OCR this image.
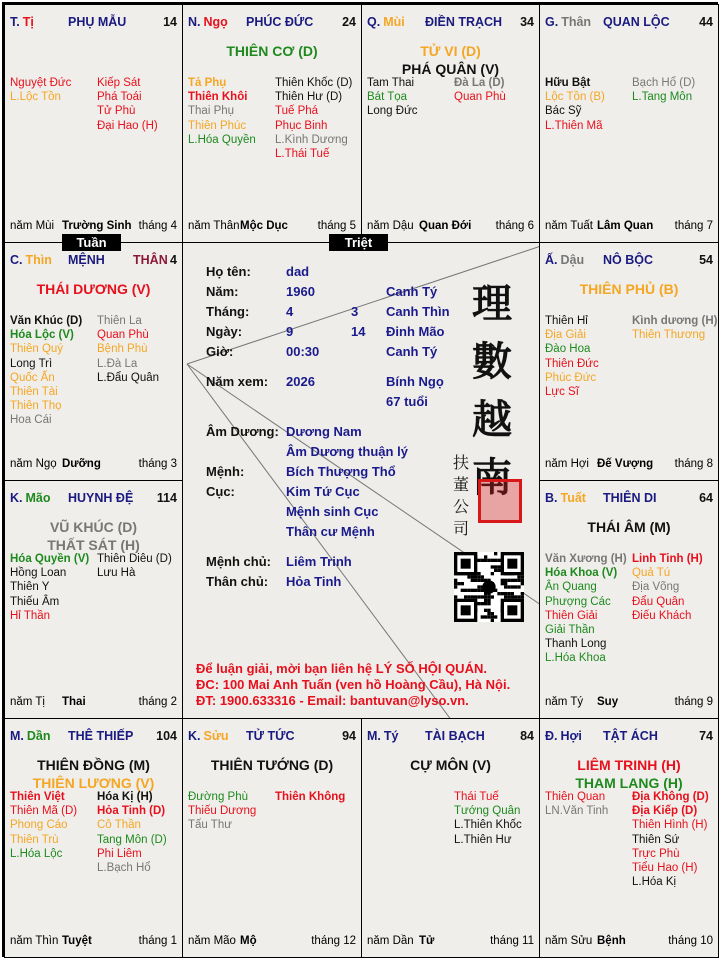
Họ tên:	dad
Năm:	1960	Canh Tý
Tháng:	4	3 Canh Thìn
Ngày:	9	14 Đinh Mão
Giờ:	00:30	Canh Tý
Năm xem: 2026	Bính Ngọ
67 tuổi
Âm Dương: Dương Nam
Âm Dương thuận lý
Mệnh:	Bích Thượng Thổ
Cục:	Kim Tứ Cục
Mệnh sinh Cục
Thân cư Mệnh
Mệnh chủ: Liêm Trinh
Thân chủ: Hỏa Tinh
T. Tị	PHỤ MẪU	14
Nguyệt Đức
L.Lộc Tồn
Kiếp Sát
Phá Toái
Tử Phù
Đại Hao (H)
năm Mùi Trường Sinh tháng 4
N. Ngọ PHÚC ĐỨC 24
THIÊN CƠ (D)
Tả Phụ
Thiên Khôi
Thai Phụ
Thiên Phúc
L.Hóa Quyền
Thiên Khốc (D)
Thiên Hư (D)
Tuế Phá
Phục Binh
L.Kình Dương
L.Thái Tuế
năm Thân Mộc Dục	tháng 5
Q. Mùi ĐIỀN TRẠCH 34
TỬ VI (D)
PHÁ QUÂN (V)
Tam Thai
Bát Tọa
Long Đức
Đà La (D)
Quan Phù
năm Dậu Quan Đới tháng 6
G. Thân QUAN LỘC 44
Hữu Bật
Lộc Tồn (B)
Bác Sỹ
L.Thiên Mã
Bạch Hổ (D)
L.Tang Môn
năm Tuất Lâm Quan tháng 7
C. Thìn MỆNH THÂN 4
THÁI DƯƠNG (V)
Văn Khúc (D)
Hóa Lộc (V)
Thiên Quý
Long Trì
Quốc Ấn
Thiên Tài
Thiên Thọ
Hoa Cái
Thiên La
Quan Phù
Bệnh Phù
L.Đà La
L.Đẩu Quân
năm Ngọ Dưỡng	tháng 3
Ấ. Dậu NÔ BỘC	54
THIÊN PHỦ (B)
Thiên Hỉ
Địa Giải
Đào Hoa
Thiên Đức
Phúc Đức
Lực Sĩ
Kình dương (H)
Thiên Thương
năm Hợi Đế Vượng tháng 8
K. Mão HUYNH ĐỆ 114
VŨ KHÚC (D)
THẤT SÁT (H)
Hóa Quyền (V)
Hồng Loan
Thiên Y
Thiếu Âm
Hỉ Thần
Thiên Diêu (D)
Lưu Hà
năm Tị Thai	tháng 2
B. Tuất THIÊN DI	64
THÁI ÂM (M)
Văn Xương (H)
Hóa Khoa (V)
Ân Quang
Phượng Các
Thiên Giải
Giải Thần
Thanh Long
L.Hóa Khoa
Linh Tinh (H)
Quả Tú
Địa Võng
Đẩu Quân
Điếu Khách
năm Tý Suy	tháng 9
M. Dần THÊ THIẾP 104
THIÊN ĐỒNG (M)
THIÊN LƯƠNG (V)
Thiên Việt
Thiên Mã (D)
Phong Cáo
Thiên Trù
L.Hóa Lộc
Hóa Kị (H)
Hỏa Tinh (D)
Cô Thần
Tang Môn (D)
Phi Liêm
L.Bạch Hổ
năm Thìn Tuyệt	tháng 1
K. Sửu TỬ TỨC	94
THIÊN TƯỚNG (D)
Đường Phù
Thiếu Dương
Tấu Thư
Thiên Không
năm Mão Mộ	tháng 12
M. Tý TÀI BẠCH	84
CỰ MÔN (V)
Thái Tuế
Tướng Quân
L.Thiên Khốc
L.Thiên Hư
năm Dần Tử	tháng 11
Đ. Hợi TẬT ÁCH	74
LIÊM TRINH (H)
THAM LANG (H)
Thiên Quan
LN.Văn Tinh
Địa Không (D)
Địa Kiếp (D)
Thiên Hình (H)
Thiên Sứ
Trực Phù
Tiểu Hao (H)
L.Hóa Kị
năm Sửu Bệnh	tháng 10
Tuần	Triệt
Để luận giải, mời bạn liên hệ LÝ SỐ HỘI QUÁN.
ĐC: 100 Mai Anh Tuấn (ven hồ Hoàng Cầu), Hà Nội.
ĐT: 1900.633316 - Email: bantuvan@lyso.vn.
理
數
越
南
扶
董
公
司
